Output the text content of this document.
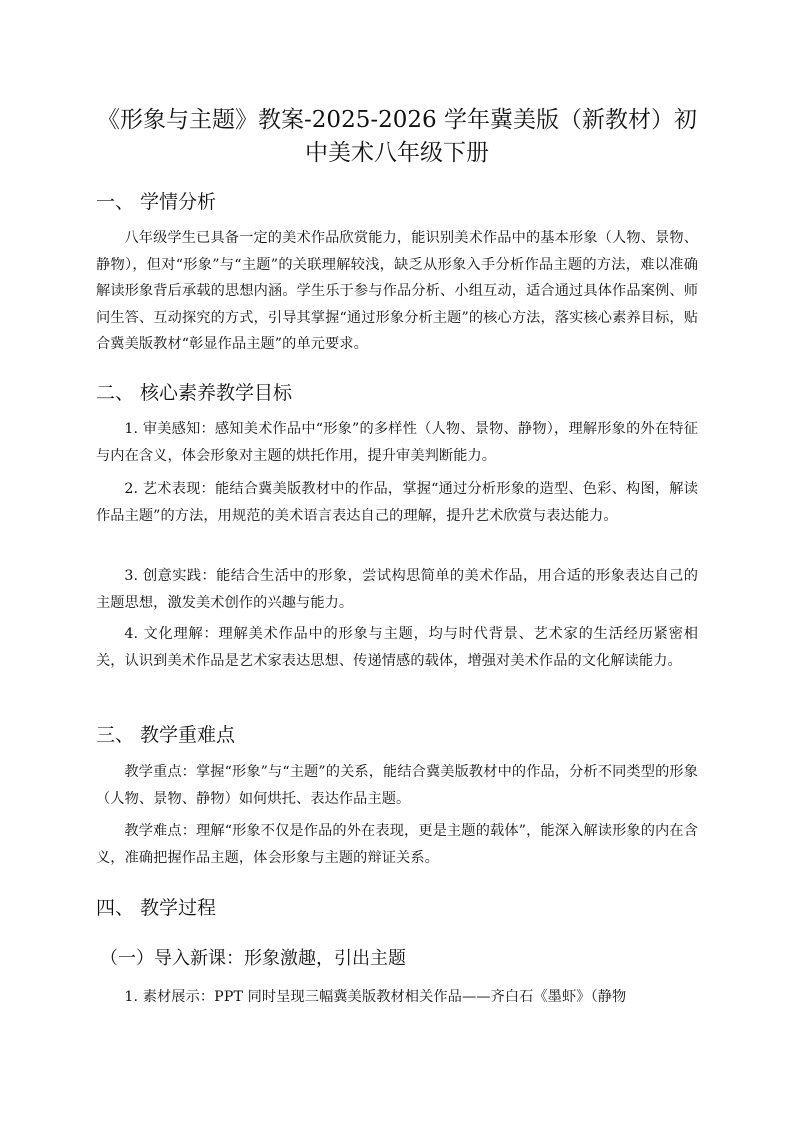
《形象与主题》教案-2025-2026 学年冀美版（新教材）初中美术八年级下册
一、 学情分析

八年级学生已具备一定的美术作品欣赏能力，能识别美术作品中的基本形象（人物、景物、静物），但对“形象”与“主题”的关联理解较浅，缺乏从形象入手分析作品主题的方法，难以准确解读形象背后承载的思想内涵。学生乐于参与作品分析、小组互动，适合通过具体作品案例、师问生答、互动探究的方式，引导其掌握“通过形象分析主题”的核心方法，落实核心素养目标，贴合冀美版教材“彰显作品主题”的单元要求。

二、 核心素养教学目标

1. 审美感知：感知美术作品中“形象”的多样性（人物、景物、静物），理解形象的外在特征与内在含义，体会形象对主题的烘托作用，提升审美判断能力。

2. 艺术表现：能结合冀美版教材中的作品，掌握“通过分析形象的造型、色彩、构图，解读作品主题”的方法，用规范的美术语言表达自己的理解，提升艺术欣赏与表达能力。

3. 创意实践：能结合生活中的形象，尝试构思简单的美术作品，用合适的形象表达自己的主题思想，激发美术创作的兴趣与能力。

4. 文化理解：理解美术作品中的形象与主题，均与时代背景、艺术家的生活经历紧密相关，认识到美术作品是艺术家表达思想、传递情感的载体，增强对美术作品的文化解读能力。

三、 教学重难点

教学重点：掌握“形象”与“主题”的关系，能结合冀美版教材中的作品，分析不同类型的形象（人物、景物、静物）如何烘托、表达作品主题。

教学难点：理解“形象不仅是作品的外在表现，更是主题的载体”，能深入解读形象的内在含义，准确把握作品主题，体会形象与主题的辩证关系。

四、 教学过程
（一）导入新课：形象激趣，引出主题

1. 素材展示：PPT 同时呈现三幅冀美版教材相关作品——齐白石《墨虾》（静物
